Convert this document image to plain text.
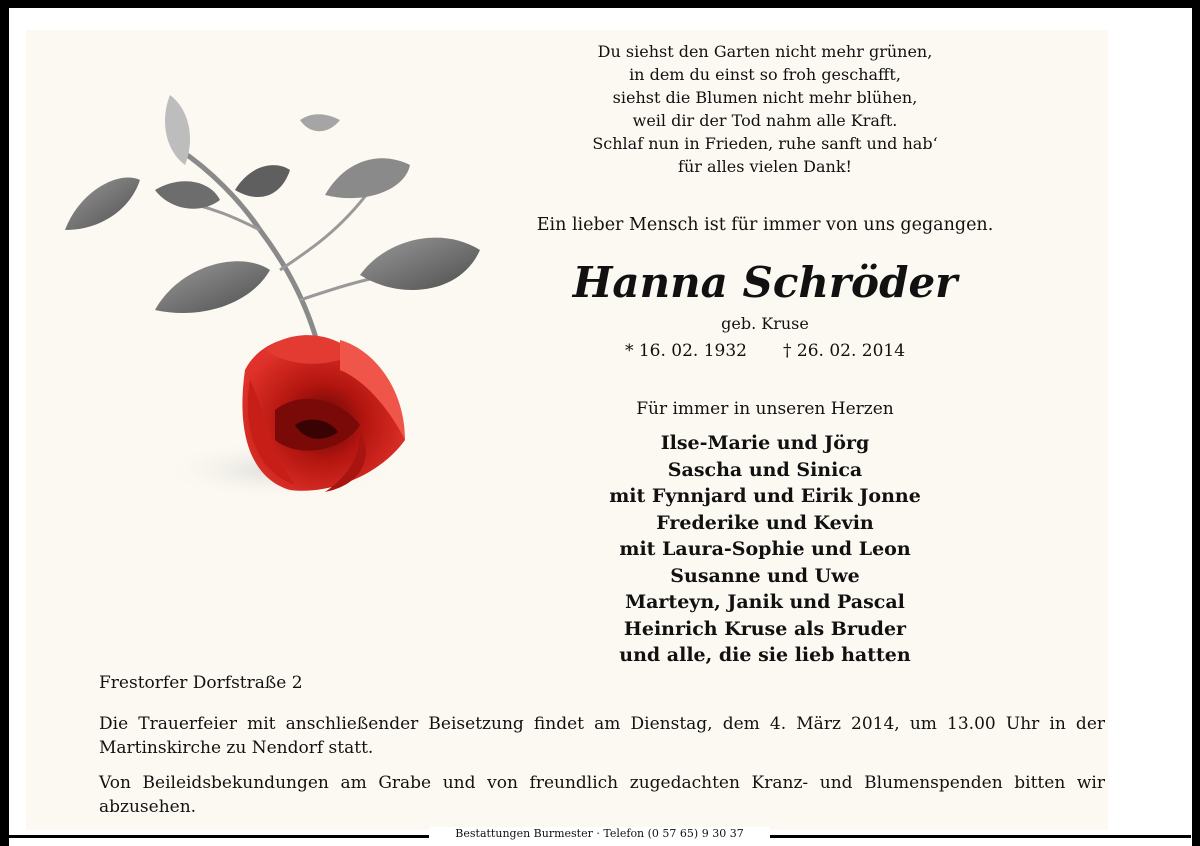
Du siehst den Garten nicht mehr grünen,
in dem du einst so froh geschafft,
siehst die Blumen nicht mehr blühen,
weil dir der Tod nahm alle Kraft.
Schlaf nun in Frieden, ruhe sanft und hab‘
für alles vielen Dank!
Ein lieber Mensch ist für immer von uns gegangen.
Hanna Schröder
geb. Kruse
* 16. 02. 1932 † 26. 02. 2014
Für immer in unseren Herzen
Ilse-Marie und Jörg
Sascha und Sinica
mit Fynnjard und Eirik Jonne
Frederike und Kevin
mit Laura-Sophie und Leon
Susanne und Uwe
Marteyn, Janik und Pascal
Heinrich Kruse als Bruder
und alle, die sie lieb hatten
Frestorfer Dorfstraße 2
Die Trauerfeier mit anschließender Beisetzung findet am Dienstag, dem 4. März 2014, um 13.00 Uhr in der Martinskirche zu Nendorf statt.
Von Beileidsbekundungen am Grabe und von freundlich zugedachten Kranz- und Blumenspenden bitten wir abzusehen.
Bestattungen Burmester · Telefon (0 57 65) 9 30 37
